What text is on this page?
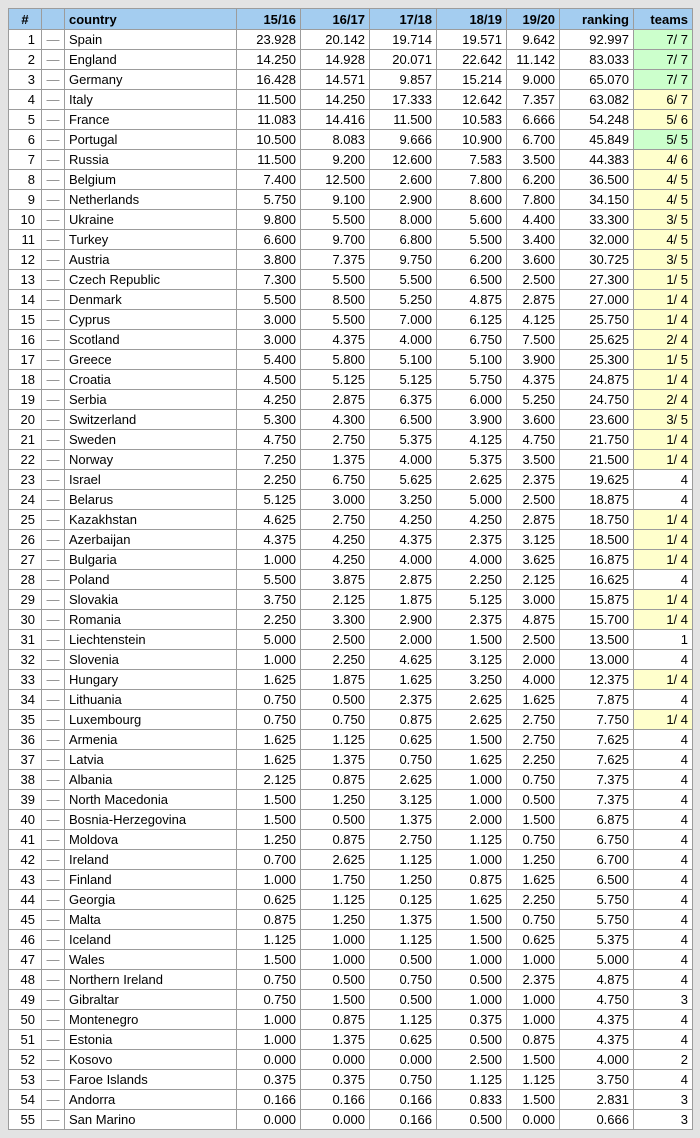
#		country	15/16	16/17	17/18	18/19	19/20	ranking	teams
1	—	Spain	23.928	20.142	19.714	19.571	9.642	92.997	7/ 7
2	—	England	14.250	14.928	20.071	22.642	11.142	83.033	7/ 7
3	—	Germany	16.428	14.571	9.857	15.214	9.000	65.070	7/ 7
4	—	Italy	11.500	14.250	17.333	12.642	7.357	63.082	6/ 7
5	—	France	11.083	14.416	11.500	10.583	6.666	54.248	5/ 6
6	—	Portugal	10.500	8.083	9.666	10.900	6.700	45.849	5/ 5
7	—	Russia	11.500	9.200	12.600	7.583	3.500	44.383	4/ 6
8	—	Belgium	7.400	12.500	2.600	7.800	6.200	36.500	4/ 5
9	—	Netherlands	5.750	9.100	2.900	8.600	7.800	34.150	4/ 5
10	—	Ukraine	9.800	5.500	8.000	5.600	4.400	33.300	3/ 5
11	—	Turkey	6.600	9.700	6.800	5.500	3.400	32.000	4/ 5
12	—	Austria	3.800	7.375	9.750	6.200	3.600	30.725	3/ 5
13	—	Czech Republic	7.300	5.500	5.500	6.500	2.500	27.300	1/ 5
14	—	Denmark	5.500	8.500	5.250	4.875	2.875	27.000	1/ 4
15	—	Cyprus	3.000	5.500	7.000	6.125	4.125	25.750	1/ 4
16	—	Scotland	3.000	4.375	4.000	6.750	7.500	25.625	2/ 4
17	—	Greece	5.400	5.800	5.100	5.100	3.900	25.300	1/ 5
18	—	Croatia	4.500	5.125	5.125	5.750	4.375	24.875	1/ 4
19	—	Serbia	4.250	2.875	6.375	6.000	5.250	24.750	2/ 4
20	—	Switzerland	5.300	4.300	6.500	3.900	3.600	23.600	3/ 5
21	—	Sweden	4.750	2.750	5.375	4.125	4.750	21.750	1/ 4
22	—	Norway	7.250	1.375	4.000	5.375	3.500	21.500	1/ 4
23	—	Israel	2.250	6.750	5.625	2.625	2.375	19.625	4
24	—	Belarus	5.125	3.000	3.250	5.000	2.500	18.875	4
25	—	Kazakhstan	4.625	2.750	4.250	4.250	2.875	18.750	1/ 4
26	—	Azerbaijan	4.375	4.250	4.375	2.375	3.125	18.500	1/ 4
27	—	Bulgaria	1.000	4.250	4.000	4.000	3.625	16.875	1/ 4
28	—	Poland	5.500	3.875	2.875	2.250	2.125	16.625	4
29	—	Slovakia	3.750	2.125	1.875	5.125	3.000	15.875	1/ 4
30	—	Romania	2.250	3.300	2.900	2.375	4.875	15.700	1/ 4
31	—	Liechtenstein	5.000	2.500	2.000	1.500	2.500	13.500	1
32	—	Slovenia	1.000	2.250	4.625	3.125	2.000	13.000	4
33	—	Hungary	1.625	1.875	1.625	3.250	4.000	12.375	1/ 4
34	—	Lithuania	0.750	0.500	2.375	2.625	1.625	7.875	4
35	—	Luxembourg	0.750	0.750	0.875	2.625	2.750	7.750	1/ 4
36	—	Armenia	1.625	1.125	0.625	1.500	2.750	7.625	4
37	—	Latvia	1.625	1.375	0.750	1.625	2.250	7.625	4
38	—	Albania	2.125	0.875	2.625	1.000	0.750	7.375	4
39	—	North Macedonia	1.500	1.250	3.125	1.000	0.500	7.375	4
40	—	Bosnia-Herzegovina	1.500	0.500	1.375	2.000	1.500	6.875	4
41	—	Moldova	1.250	0.875	2.750	1.125	0.750	6.750	4
42	—	Ireland	0.700	2.625	1.125	1.000	1.250	6.700	4
43	—	Finland	1.000	1.750	1.250	0.875	1.625	6.500	4
44	—	Georgia	0.625	1.125	0.125	1.625	2.250	5.750	4
45	—	Malta	0.875	1.250	1.375	1.500	0.750	5.750	4
46	—	Iceland	1.125	1.000	1.125	1.500	0.625	5.375	4
47	—	Wales	1.500	1.000	0.500	1.000	1.000	5.000	4
48	—	Northern Ireland	0.750	0.500	0.750	0.500	2.375	4.875	4
49	—	Gibraltar	0.750	1.500	0.500	1.000	1.000	4.750	3
50	—	Montenegro	1.000	0.875	1.125	0.375	1.000	4.375	4
51	—	Estonia	1.000	1.375	0.625	0.500	0.875	4.375	4
52	—	Kosovo	0.000	0.000	0.000	2.500	1.500	4.000	2
53	—	Faroe Islands	0.375	0.375	0.750	1.125	1.125	3.750	4
54	—	Andorra	0.166	0.166	0.166	0.833	1.500	2.831	3
55	—	San Marino	0.000	0.000	0.166	0.500	0.000	0.666	3
